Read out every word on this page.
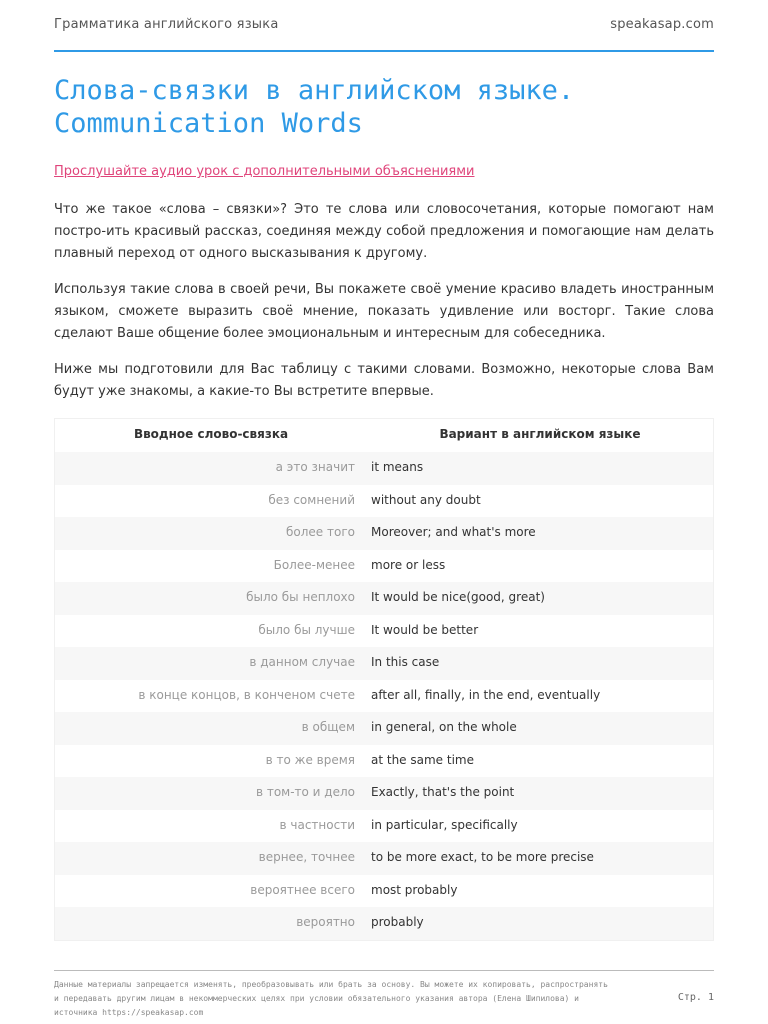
Грамматика английского языка	speakasap.com
Слова-связки в английском языке.
Communication Words
Прослушайте аудио урок с дополнительными объяснениями

Что же такое «слова – связки»? Это те слова или словосочетания, которые помогают нам постро-ить красивый рассказ, соединяя между собой предложения и помогающие нам делать плавный переход от одного высказывания к другому.

Используя такие слова в своей речи, Вы покажете своё умение красиво владеть иностранным языком, сможете выразить своё мнение, показать удивление или восторг. Такие слова сделают Ваше общение более эмоциональным и интересным для собеседника.

Ниже мы подготовили для Вас таблицу с такими словами. Возможно, некоторые слова Вам будут уже знакомы, а какие-то Вы встретите впервые.

Вводное слово-связка	Вариант в английском языке
а это значит it means
без сомнений without any doubt
более того Moreover; and what's more
Более-менее more or less
было бы неплохо It would be nice(good, great)
было бы лучше It would be better
в данном случае In this case
в конце концов, в конченом счете after all, finally, in the end, eventually
в общем in general, on the whole
в то же время at the same time
в том-то и дело Exactly, that's the point
в частности in particular, specifically
вернее, точнее to be more exact, to be more precise
вероятнее всего most probably
вероятно probably
Данные материалы запрещается изменять, преобразовывать или брать за основу. Вы можете их копировать, распространять и передавать другим лицам в некоммерческих целях при условии обязательного указания автора (Елена Шипилова) и источника https://speakasap.com
Стр. 1
